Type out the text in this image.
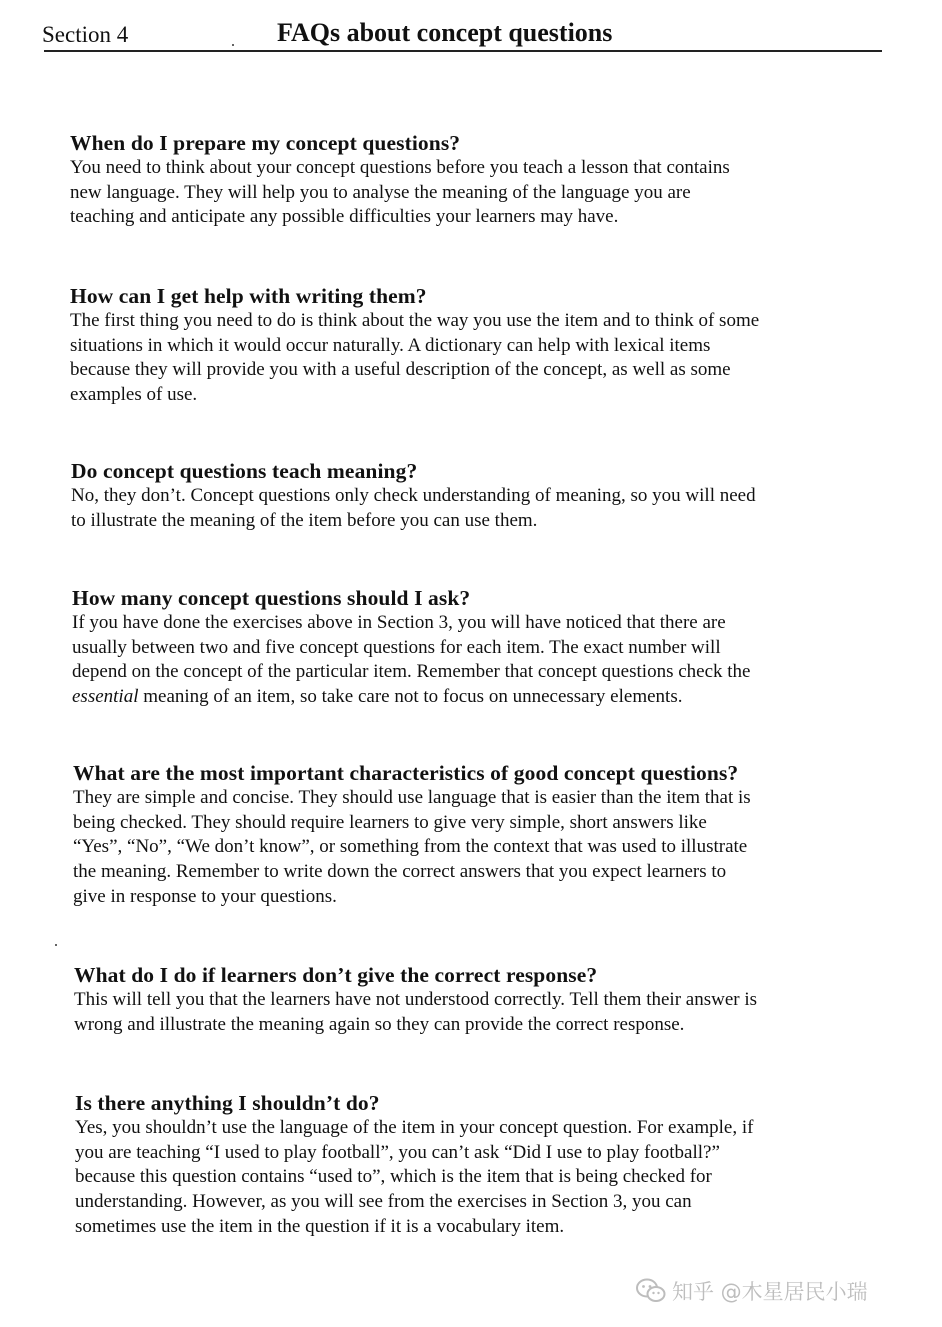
Section 4	FAQs about concept questions
When do I prepare my concept questions?
You need to think about your concept questions before you teach a lesson that contains
new language. They will help you to analyse the meaning of the language you are
teaching and anticipate any possible difficulties your learners may have.
How can I get help with writing them?
The first thing you need to do is think about the way you use the item and to think of some
situations in which it would occur naturally. A dictionary can help with lexical items
because they will provide you with a useful description of the concept, as well as some
examples of use.
Do concept questions teach meaning?
No, they don’t. Concept questions only check understanding of meaning, so you will need
to illustrate the meaning of the item before you can use them.
How many concept questions should I ask?
If you have done the exercises above in Section 3, you will have noticed that there are
usually between two and five concept questions for each item. The exact number will
depend on the concept of the particular item. Remember that concept questions check the
essential meaning of an item, so take care not to focus on unnecessary elements.
What are the most important characteristics of good concept questions?
They are simple and concise. They should use language that is easier than the item that is
being checked. They should require learners to give very simple, short answers like
“Yes”, “No”, “We don’t know”, or something from the context that was used to illustrate
the meaning. Remember to write down the correct answers that you expect learners to
give in response to your questions.
What do I do if learners don’t give the correct response?
This will tell you that the learners have not understood correctly. Tell them their answer is
wrong and illustrate the meaning again so they can provide the correct response.
Is there anything I shouldn’t do?
Yes, you shouldn’t use the language of the item in your concept question. For example, if
you are teaching “I used to play football”, you can’t ask “Did I use to play football?”
because this question contains “used to”, which is the item that is being checked for
understanding. However, as you will see from the exercises in Section 3, you can
sometimes use the item in the question if it is a vocabulary item.
知乎 @木星居民小瑞
